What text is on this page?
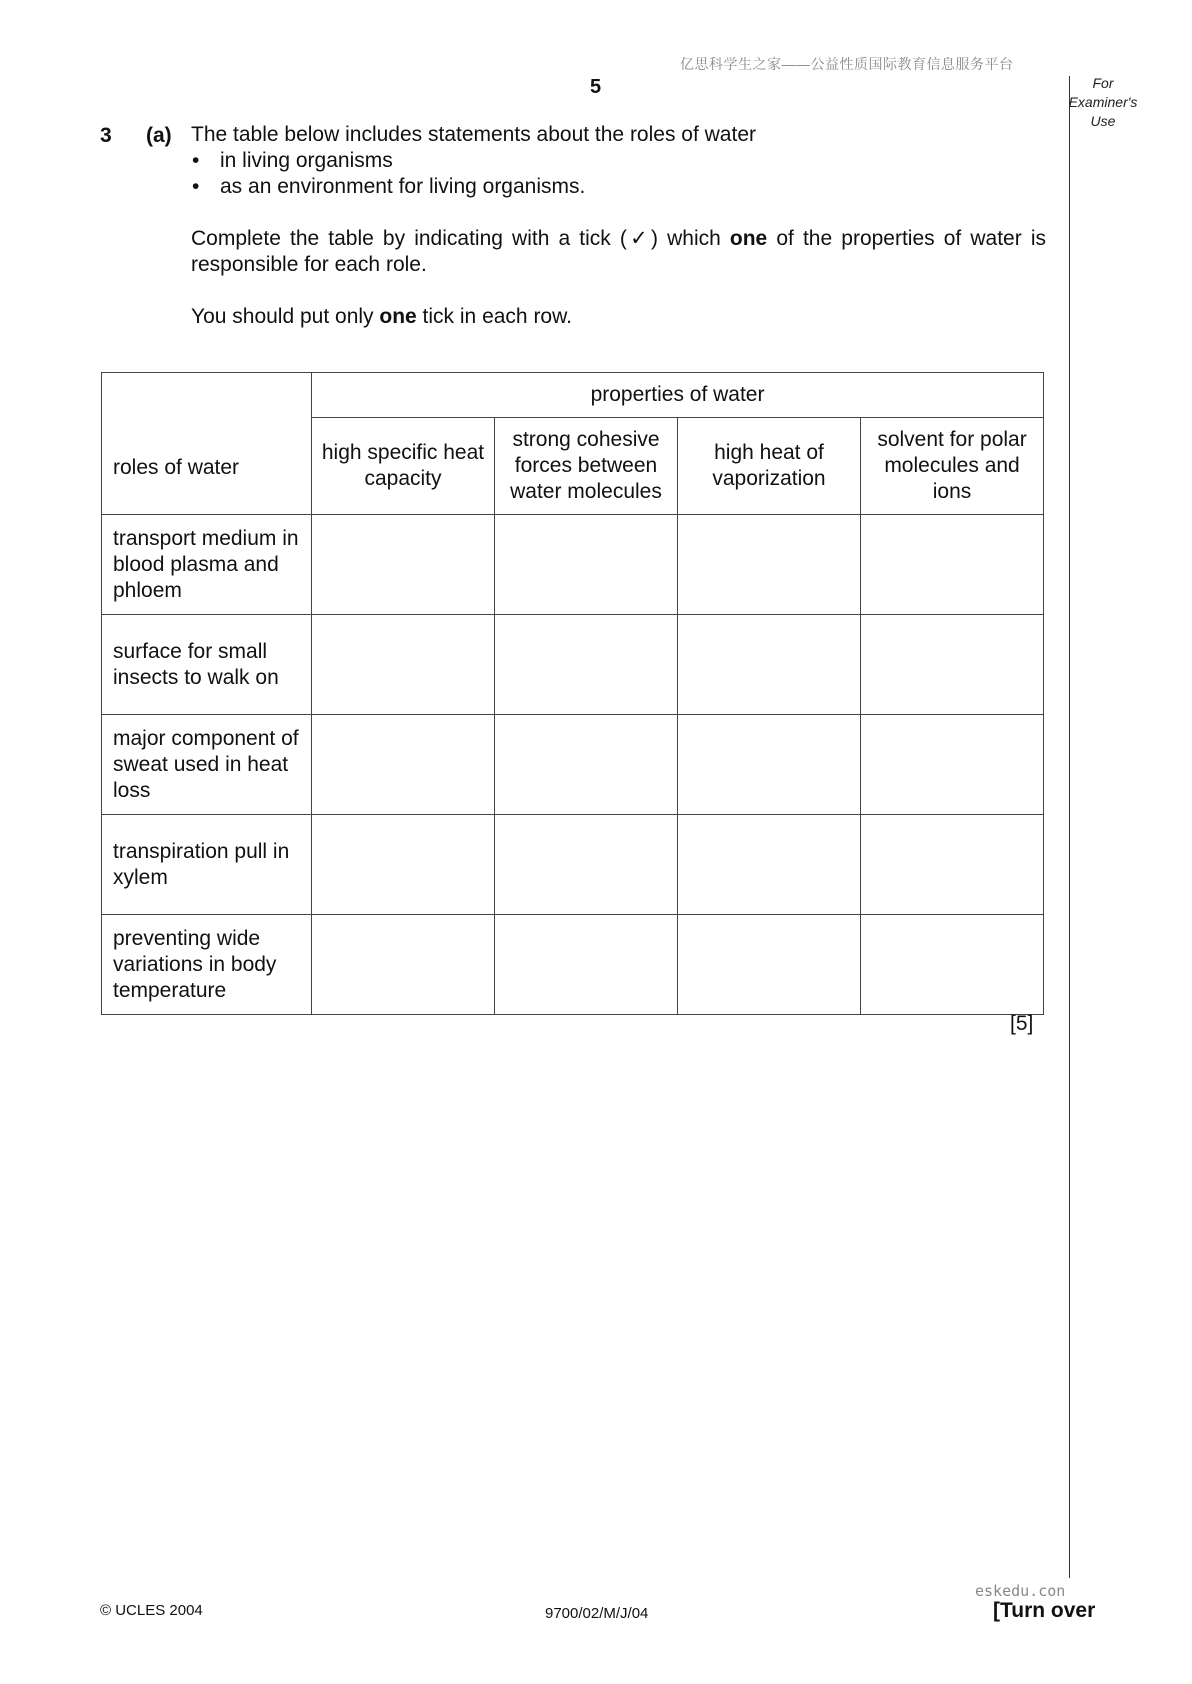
亿思科学生之家——公益性质国际教育信息服务平台
5	For
Examiner's
Use
3 (a) The table below includes statements about the roles of water

• in living organisms
• as an environment for living organisms.

Complete the table by indicating with a tick (✓) which one of the properties of water is responsible for each role.

You should put only one tick in each row.

roles of water	properties of water			
	high specific heat capacity	strong cohesive forces between water molecules	high heat of vaporization	solvent for polar molecules and ions
transport medium in blood plasma and phloem				
surface for small insects to walk on				
major component of sweat used in heat loss				
transpiration pull in xylem				
preventing wide variations in body temperature				
[5]
© UCLES 2004	9700/02/M/J/04
eskedu.con
[Turn over
